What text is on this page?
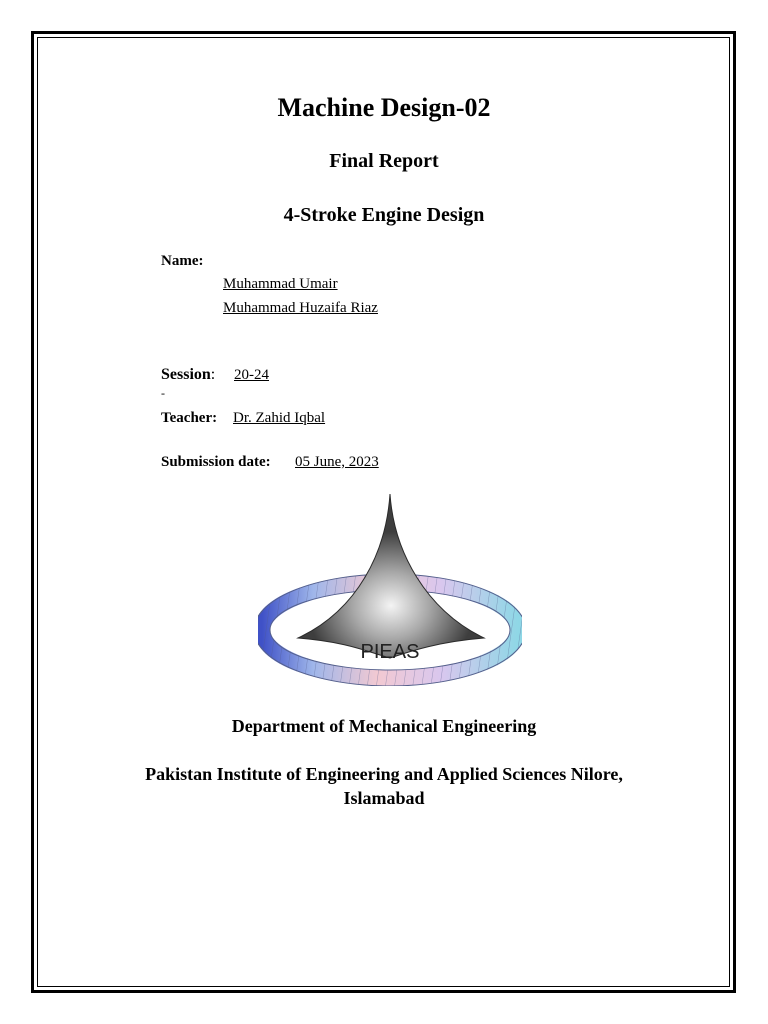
Machine Design-02
Final Report
4-Stroke Engine Design
Name:
Muhammad Umair
Muhammad Huzaifa Riaz
Session: 20-24
-
Teacher: Dr. Zahid Iqbal
Submission date: 05 June, 2023
PIEAS
Department of Mechanical Engineering
Pakistan Institute of Engineering and Applied Sciences Nilore,
Islamabad
